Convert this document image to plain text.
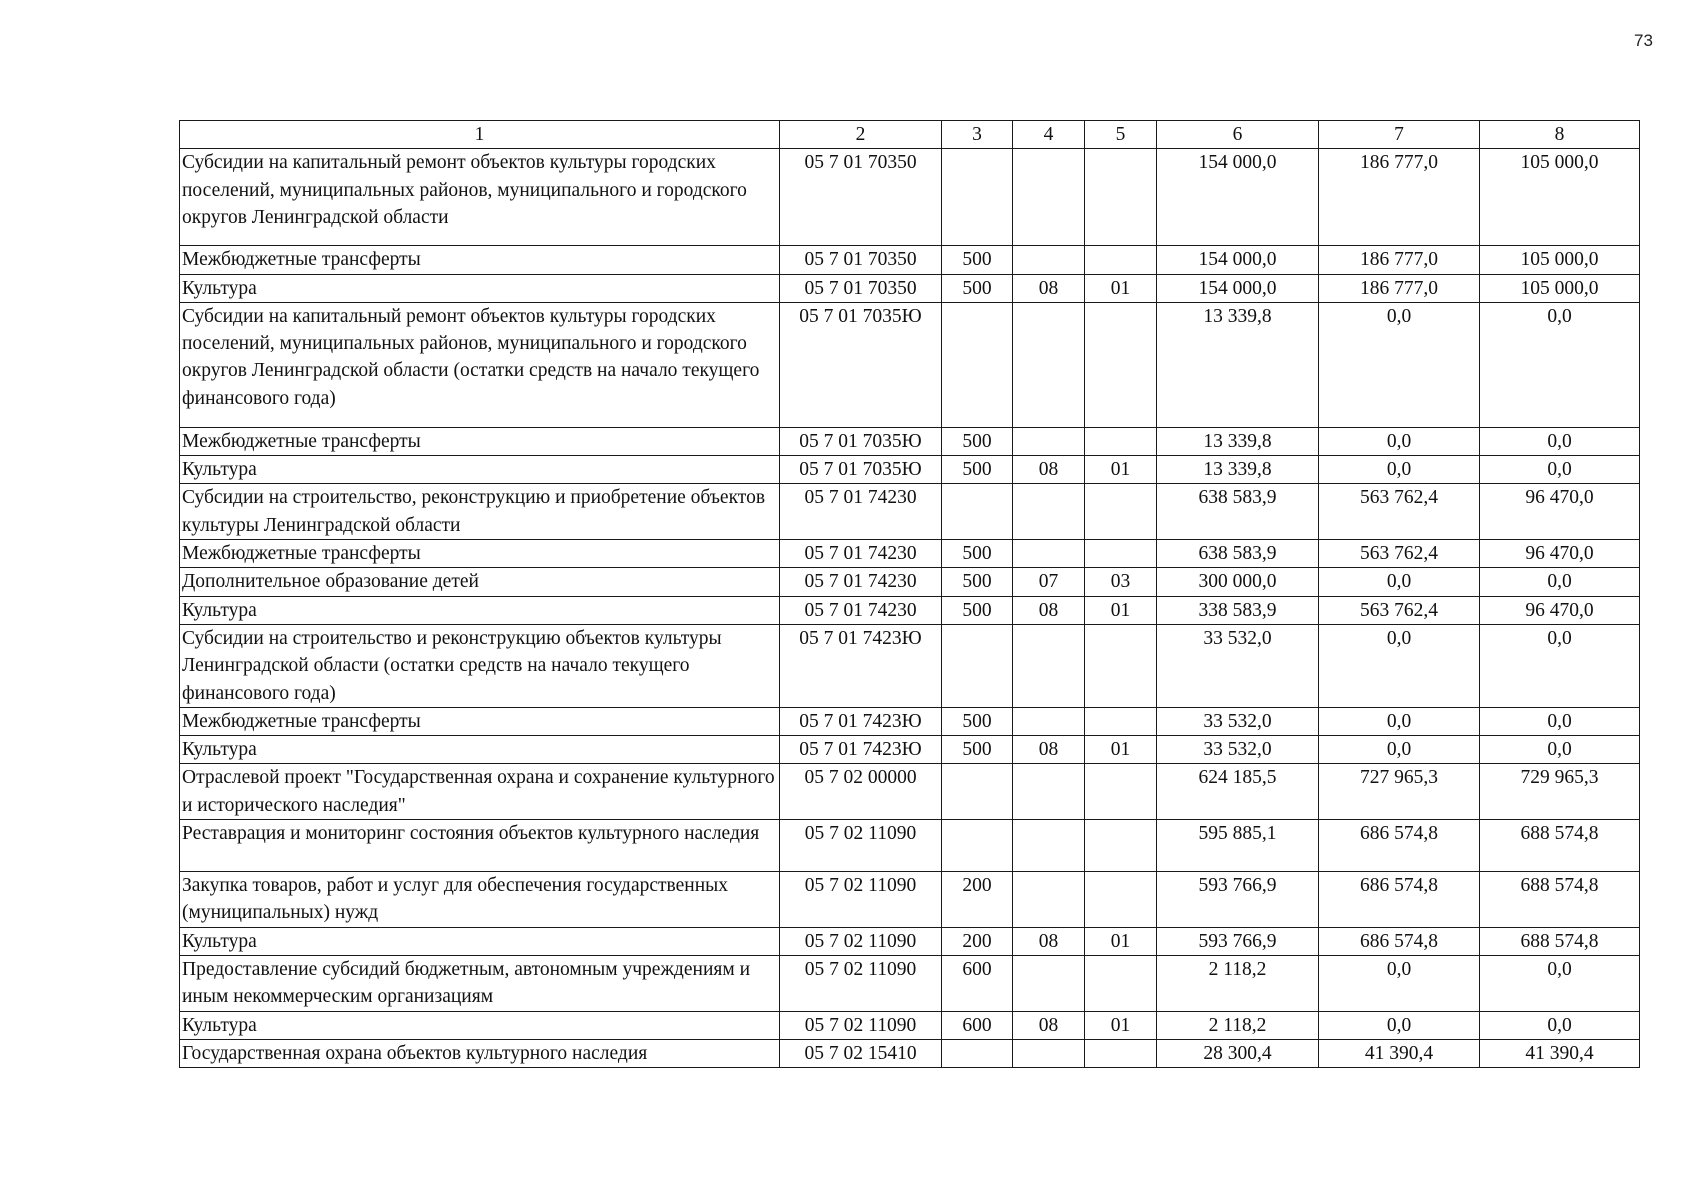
73
1	2	3	4	5	6	7	8
Субсидии на капитальный ремонт объектов культуры городских поселений, муниципальных районов, муниципального и городского округов Ленинградской области	05 7 01 70350				154 000,0	186 777,0	105 000,0
Межбюджетные трансферты	05 7 01 70350	500			154 000,0	186 777,0	105 000,0
Культура	05 7 01 70350	500	08	01	154 000,0	186 777,0	105 000,0
Субсидии на капитальный ремонт объектов культуры городских поселений, муниципальных районов, муниципального и городского округов Ленинградской области (остатки средств на начало текущего финансового года)	05 7 01 7035Ю				13 339,8	0,0	0,0
Межбюджетные трансферты	05 7 01 7035Ю	500			13 339,8	0,0	0,0
Культура	05 7 01 7035Ю	500	08	01	13 339,8	0,0	0,0
Субсидии на строительство, реконструкцию и приобретение объектов культуры Ленинградской области	05 7 01 74230				638 583,9	563 762,4	96 470,0
Межбюджетные трансферты	05 7 01 74230	500			638 583,9	563 762,4	96 470,0
Дополнительное образование детей	05 7 01 74230	500	07	03	300 000,0	0,0	0,0
Культура	05 7 01 74230	500	08	01	338 583,9	563 762,4	96 470,0
Субсидии на строительство и реконструкцию объектов культуры Ленинградской области (остатки средств на начало текущего финансового года)	05 7 01 7423Ю				33 532,0	0,0	0,0
Межбюджетные трансферты	05 7 01 7423Ю	500			33 532,0	0,0	0,0
Культура	05 7 01 7423Ю	500	08	01	33 532,0	0,0	0,0
Отраслевой проект "Государственная охрана и сохранение культурного и исторического наследия"	05 7 02 00000				624 185,5	727 965,3	729 965,3
Реставрация и мониторинг состояния объектов культурного наследия	05 7 02 11090				595 885,1	686 574,8	688 574,8
Закупка товаров, работ и услуг для обеспечения государственных (муниципальных) нужд	05 7 02 11090	200			593 766,9	686 574,8	688 574,8
Культура	05 7 02 11090	200	08	01	593 766,9	686 574,8	688 574,8
Предоставление субсидий бюджетным, автономным учреждениям и иным некоммерческим организациям	05 7 02 11090	600			2 118,2	0,0	0,0
Культура	05 7 02 11090	600	08	01	2 118,2	0,0	0,0
Государственная охрана объектов культурного наследия	05 7 02 15410				28 300,4	41 390,4	41 390,4
